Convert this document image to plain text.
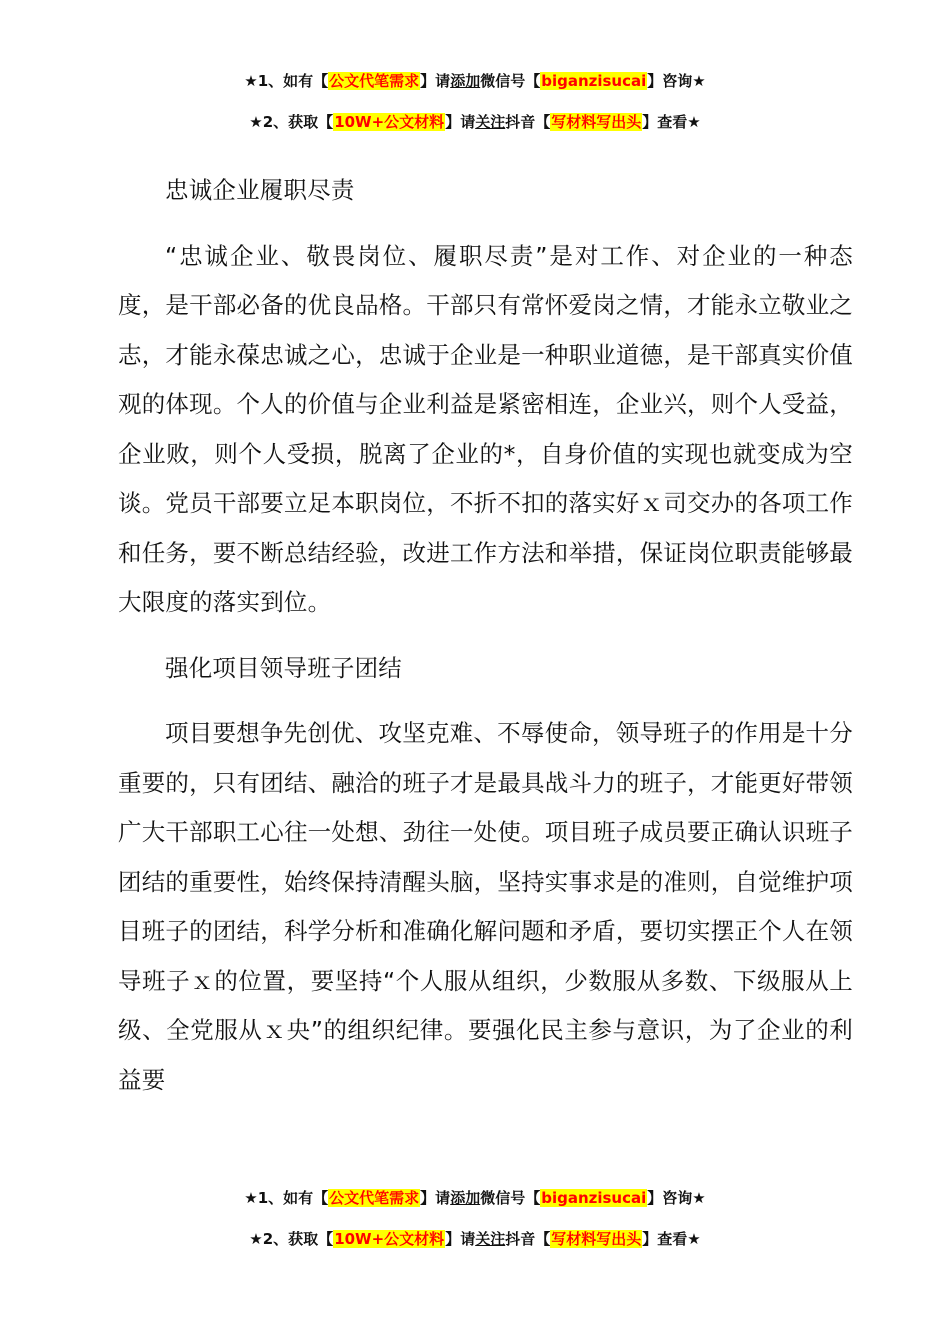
★1、如有【公文代笔需求】请添加微信号【biganzisucai】咨询★
★2、获取【10W+公文材料】请关注抖音【写材料写出头】查看★

忠诚企业履职尽责

“忠诚企业、敬畏岗位、履职尽责”是对工作、对企业的一种态度，是干部必备的优良品格。干部只有常怀爱岗之情，才能永立敬业之志，才能永葆忠诚之心，忠诚于企业是一种职业道德，是干部真实价值观的体现。个人的价值与企业利益是紧密相连，企业兴，则个人受益，企业败，则个人受损，脱离了企业的*，自身价值的实现也就变成为空谈。党员干部要立足本职岗位，不折不扣的落实好ｘ司交办的各项工作和任务，要不断总结经验，改进工作方法和举措，保证岗位职责能够最大限度的落实到位。

强化项目领导班子团结

项目要想争先创优、攻坚克难、不辱使命，领导班子的作用是十分重要的，只有团结、融洽的班子才是最具战斗力的班子，才能更好带领广大干部职工心往一处想、劲往一处使。项目班子成员要正确认识班子团结的重要性，始终保持清醒头脑，坚持实事求是的准则，自觉维护项目班子的团结，科学分析和准确化解问题和矛盾，要切实摆正个人在领导班子ｘ的位置，要坚持“个人服从组织，少数服从多数、下级服从上级、全党服从ｘ央”的组织纪律。要强化民主参与意识，为了企业的利益要

★1、如有【公文代笔需求】请添加微信号【biganzisucai】咨询★
★2、获取【10W+公文材料】请关注抖音【写材料写出头】查看★
